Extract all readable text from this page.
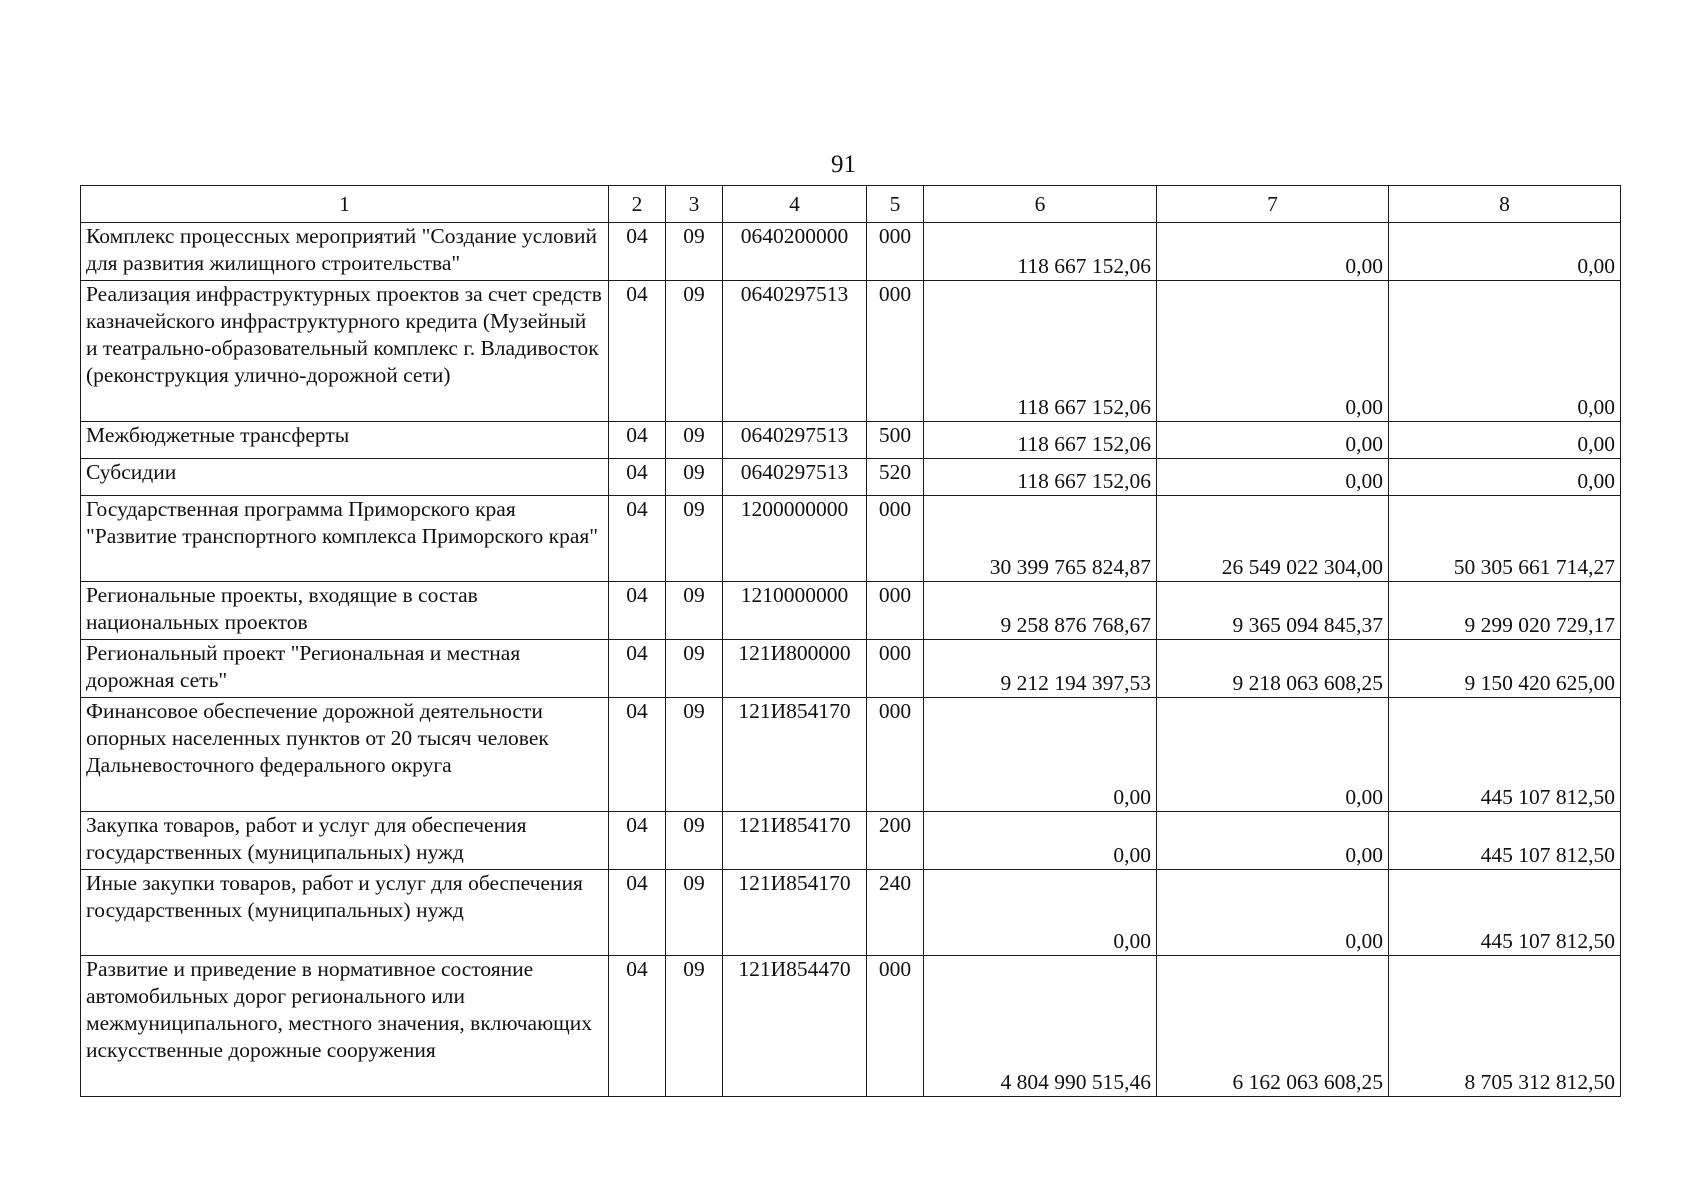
91
1	2	3	4	5	6	7	8
Комплекс процессных мероприятий "Создание условий для развития жилищного строительства"	04	09	0640200000	000	118 667 152,06	0,00	0,00
Реализация инфраструктурных проектов за счет средств казначейского инфраструктурного кредита (Музейный и театрально-образовательный комплекс г. Владивосток (реконструкция улично-дорожной сети)	04	09	0640297513	000	118 667 152,06	0,00	0,00
Межбюджетные трансферты	04	09	0640297513	500	118 667 152,06	0,00	0,00
Субсидии	04	09	0640297513	520	118 667 152,06	0,00	0,00
Государственная программа Приморского края "Развитие транспортного комплекса Приморского края"	04	09	1200000000	000	30 399 765 824,87	26 549 022 304,00	50 305 661 714,27
Региональные проекты, входящие в состав национальных проектов	04	09	1210000000	000	9 258 876 768,67	9 365 094 845,37	9 299 020 729,17
Региональный проект "Региональная и местная дорожная сеть"	04	09	121И800000	000	9 212 194 397,53	9 218 063 608,25	9 150 420 625,00
Финансовое обеспечение дорожной деятельности опорных населенных пунктов от 20 тысяч человек Дальневосточного федерального округа	04	09	121И854170	000	0,00	0,00	445 107 812,50
Закупка товаров, работ и услуг для обеспечения государственных (муниципальных) нужд	04	09	121И854170	200	0,00	0,00	445 107 812,50
Иные закупки товаров, работ и услуг для обеспечения государственных (муниципальных) нужд	04	09	121И854170	240	0,00	0,00	445 107 812,50
Развитие и приведение в нормативное состояние автомобильных дорог регионального или межмуниципального, местного значения, включающих искусственные дорожные сооружения	04	09	121И854470	000	4 804 990 515,46	6 162 063 608,25	8 705 312 812,50
